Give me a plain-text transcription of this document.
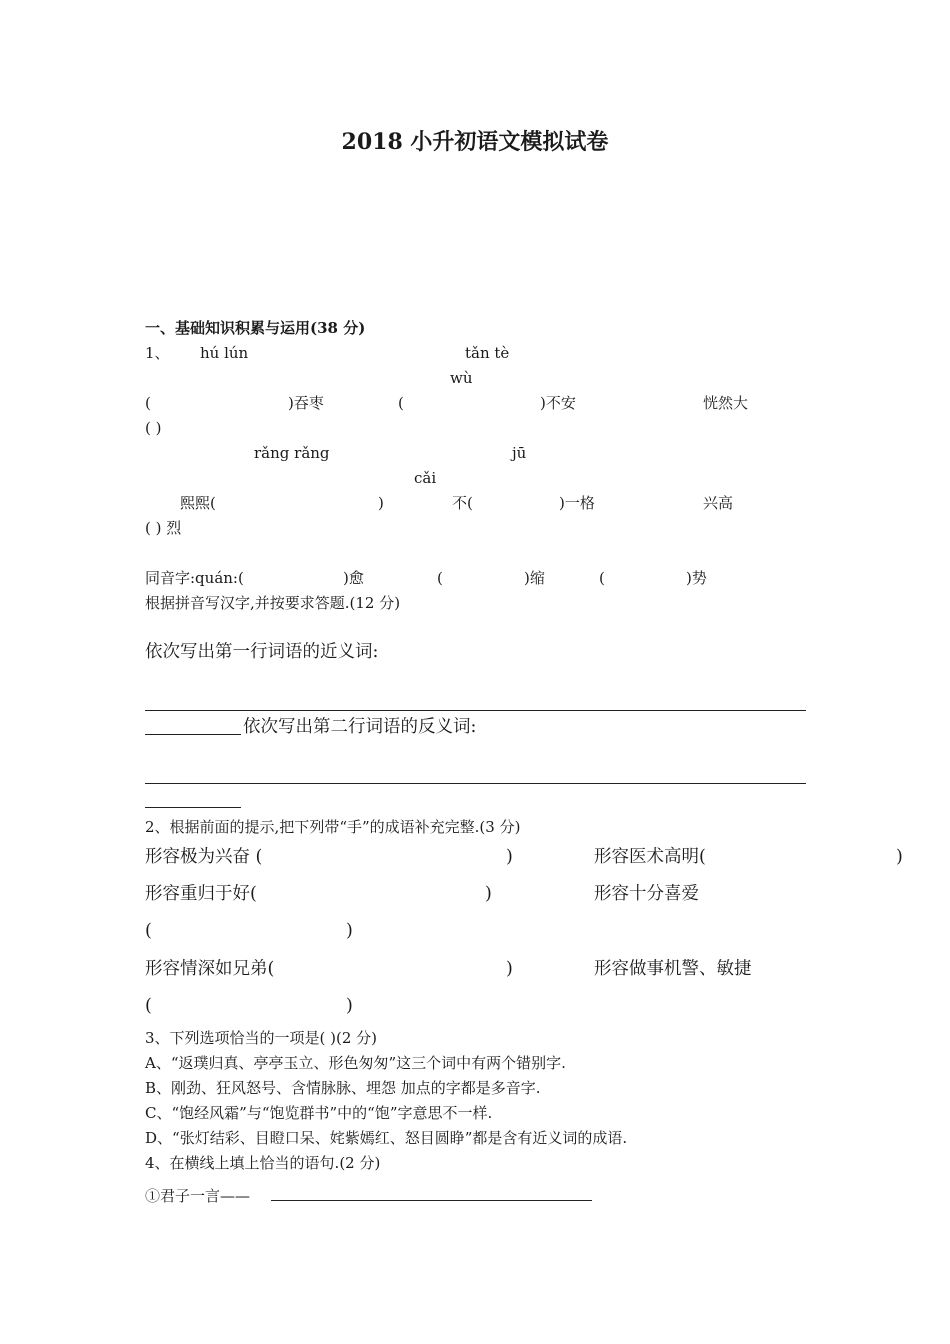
2018 小升初语文模拟试卷
一、基础知识积累与运用(38 分)
1、 hú lún	tǎn tè
wù
(	)吞枣	(	)不安	恍然大
( )
rǎng rǎng	jū
cǎi
熙熙(	)	不(	)一格	兴高
( ) 烈
同音字:quán:(	)愈	(	)缩	(	)势
根据拼音写汉字,并按要求答题.(12 分)
依次写出第一行词语的近义词:
依次写出第二行词语的反义词:
2、根据前面的提示,把下列带“手”的成语补充完整.(3 分)
形容极为兴奋 (	)	形容医术高明(	)
形容重归于好(	)	形容十分喜爱
(	)
形容情深如兄弟(	)	形容做事机警、敏捷
(	)
3、下列选项恰当的一项是( )(2 分)
A、“返璞归真、亭亭玉立、形色匆匆”这三个词中有两个错别字.
B、刚劲、狂风怒号、含情脉脉、埋怨 加点的字都是多音字.
C、“饱经风霜”与“饱览群书”中的“饱”字意思不一样.
D、“张灯结彩、目瞪口呆、姹紫嫣红、怒目圆睁”都是含有近义词的成语.
4、在横线上填上恰当的语句.(2 分)
①君子一言——
